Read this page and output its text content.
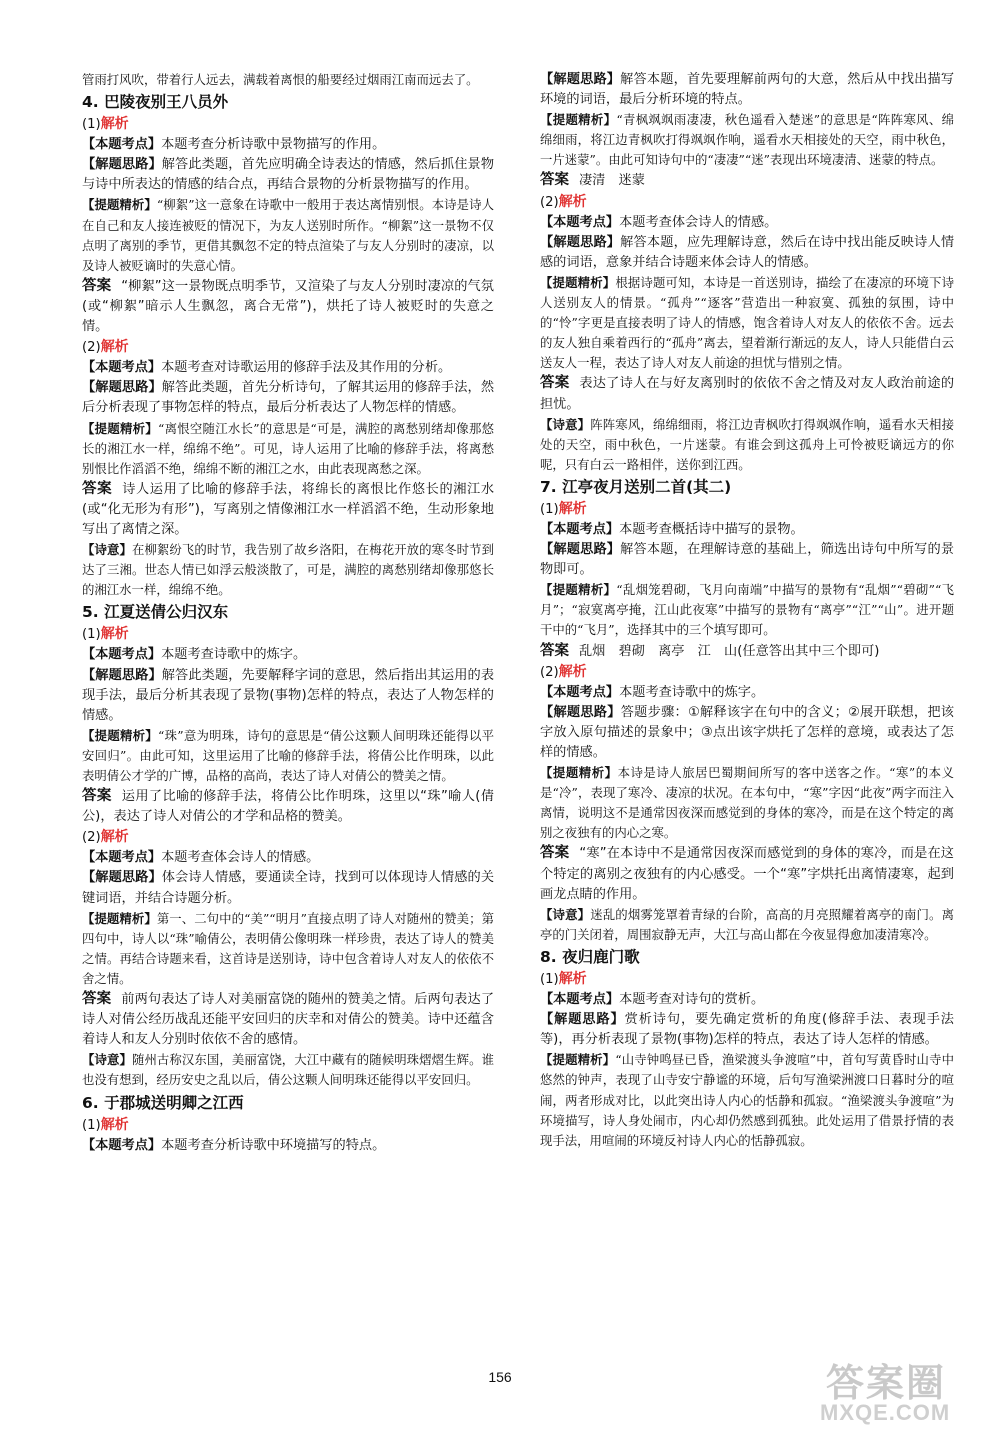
管雨打风吹，带着行人远去，满载着离恨的船要经过烟雨江南而远去了。

4. 巴陵夜别王八员外
(1)解析

【本题考点】本题考查分析诗歌中景物描写的作用。

【解题思路】解答此类题，首先应明确全诗表达的情感，然后抓住景物与诗中所表达的情感的结合点，再结合景物的分析景物描写的作用。

【提题精析】“柳絮”这一意象在诗歌中一般用于表达离情别恨。本诗是诗人在自己和友人接连被贬的情况下，为友人送别时所作。“柳絮”这一景物不仅点明了离别的季节，更借其飘忽不定的特点渲染了与友人分别时的凄凉，以及诗人被贬谪时的失意心情。

答案 “柳絮”这一景物既点明季节，又渲染了与友人分别时凄凉的气氛(或“柳絮”暗示人生飘忽，离合无常”)，烘托了诗人被贬时的失意之情。

(2)解析

【本题考点】本题考查对诗歌运用的修辞手法及其作用的分析。

【解题思路】解答此类题，首先分析诗句，了解其运用的修辞手法，然后分析表现了事物怎样的特点，最后分析表达了人物怎样的情感。

【提题精析】“离恨空随江水长”的意思是“可是，满腔的离愁别绪却像那悠长的湘江水一样，绵绵不绝”。可见，诗人运用了比喻的修辞手法，将离愁别恨比作滔滔不绝，绵绵不断的湘江之水，由此表现离愁之深。

答案 诗人运用了比喻的修辞手法，将绵长的离恨比作悠长的湘江水(或“化无形为有形”)，写离别之情像湘江水一样滔滔不绝，生动形象地写出了离情之深。

【诗意】在柳絮纷飞的时节，我告别了故乡洛阳，在梅花开放的寒冬时节到达了三湘。世态人情已如浮云般淡散了，可是，满腔的离愁别绪却像那悠长的湘江水一样，绵绵不绝。

5. 江夏送倩公归汉东
(1)解析

【本题考点】本题考查诗歌中的炼字。

【解题思路】解答此类题，先要解释字词的意思，然后指出其运用的表现手法，最后分析其表现了景物(事物)怎样的特点，表达了人物怎样的情感。

【提题精析】“珠”意为明珠，诗句的意思是“倩公这颗人间明珠还能得以平安回归”。由此可知，这里运用了比喻的修辞手法，将倩公比作明珠，以此表明倩公才学的广博，品格的高尚，表达了诗人对倩公的赞美之情。

答案 运用了比喻的修辞手法，将倩公比作明珠，这里以“珠”喻人(倩公)，表达了诗人对倩公的才学和品格的赞美。

(2)解析

【本题考点】本题考查体会诗人的情感。

【解题思路】体会诗人情感，要通读全诗，找到可以体现诗人情感的关键词语，并结合诗题分析。

【提题精析】第一、二句中的“美”“明月”直接点明了诗人对随州的赞美；第四句中，诗人以“珠”喻倩公，表明倩公像明珠一样珍贵，表达了诗人的赞美之情。再结合诗题来看，这首诗是送别诗，诗中包含着诗人对友人的依依不舍之情。

答案 前两句表达了诗人对美丽富饶的随州的赞美之情。后两句表达了诗人对倩公经历战乱还能平安回归的庆幸和对倩公的赞美。诗中还蕴含着诗人和友人分别时依依不舍的感情。

【诗意】随州古称汉东国，美丽富饶，大江中藏有的随候明珠熠熠生辉。谁也没有想到，经历安史之乱以后，倩公这颗人间明珠还能得以平安回归。

6. 于郡城送明卿之江西
(1)解析

【本题考点】本题考查分析诗歌中环境描写的特点。

【解题思路】解答本题，首先要理解前两句的大意，然后从中找出描写环境的词语，最后分析环境的特点。

【提题精析】“青枫飒飒雨凄凄，秋色遥看入楚迷”的意思是“阵阵寒风、绵绵细雨，将江边青枫吹打得飒飒作响，遥看水天相接处的天空，雨中秋色，一片迷蒙”。由此可知诗句中的“凄凄”“迷”表现出环境凄清、迷蒙的特点。

答案 凄清　迷蒙

(2)解析

【本题考点】本题考查体会诗人的情感。

【解题思路】解答本题，应先理解诗意，然后在诗中找出能反映诗人情感的词语，意象并结合诗题来体会诗人的情感。

【提题精析】根据诗题可知，本诗是一首送别诗，描绘了在凄凉的环境下诗人送别友人的情景。“孤舟”“逐客”营造出一种寂寞、孤独的氛围，诗中的“怜”字更是直接表明了诗人的情感，饱含着诗人对友人的依依不舍。远去的友人独自乘着西行的“孤舟”离去，望着渐行渐远的友人，诗人只能借白云送友人一程，表达了诗人对友人前途的担忧与惜别之情。

答案 表达了诗人在与好友离别时的依依不舍之情及对友人政治前途的担忧。

【诗意】阵阵寒风，绵绵细雨，将江边青枫吹打得飒飒作响，遥看水天相接处的天空，雨中秋色，一片迷蒙。有谁会到这孤舟上可怜被贬谪远方的你呢，只有白云一路相伴，送你到江西。

7. 江亭夜月送别二首(其二)
(1)解析

【本题考点】本题考查概括诗中描写的景物。

【解题思路】解答本题，在理解诗意的基础上，筛选出诗句中所写的景物即可。

【提题精析】“乱烟笼碧砌，飞月向南端”中描写的景物有“乱烟”“碧砌”“飞月”；“寂寞离亭掩，江山此夜寒”中描写的景物有“离亭”“江”“山”。进开题干中的“飞月”，选择其中的三个填写即可。

答案 乱烟　碧砌　离亭　江　山(任意答出其中三个即可)

(2)解析

【本题考点】本题考查诗歌中的炼字。

【解题思路】答题步骤：①解释该字在句中的含义；②展开联想，把该字放入原句描述的景象中；③点出该字烘托了怎样的意境，或表达了怎样的情感。

【提题精析】本诗是诗人旅居巴蜀期间所写的客中送客之作。“寒”的本义是“冷”，表现了寒冷、凄凉的状况。在本句中，“寒”字因“此夜”两字而注入离情，说明这不是通常因夜深而感觉到的身体的寒冷，而是在这个特定的离别之夜独有的内心之寒。

答案 “寒”在本诗中不是通常因夜深而感觉到的身体的寒冷，而是在这个特定的离别之夜独有的内心感受。一个“寒”字烘托出离情凄寒，起到画龙点睛的作用。

【诗意】迷乱的烟雾笼罩着青绿的台阶，高高的月亮照耀着离亭的南门。离亭的门关闭着，周围寂静无声，大江与高山都在今夜显得愈加凄清寒冷。

8. 夜归鹿门歌
(1)解析

【本题考点】本题考查对诗句的赏析。

【解题思路】赏析诗句，要先确定赏析的角度(修辞手法、表现手法等)，再分析表现了景物(事物)怎样的特点，表达了诗人怎样的情感。

【提题精析】“山寺钟鸣昼已昏，渔梁渡头争渡喧”中，首句写黄昏时山寺中悠然的钟声，表现了山寺安宁静谧的环境，后句写渔梁洲渡口日暮时分的喧闹，两者形成对比，以此突出诗人内心的恬静和孤寂。“渔梁渡头争渡喧”为环境描写，诗人身处闹市，内心却仍然感到孤独。此处运用了借景抒情的表现手法，用喧闹的环境反衬诗人内心的恬静孤寂。

156	答案圈
MXQE.COM
